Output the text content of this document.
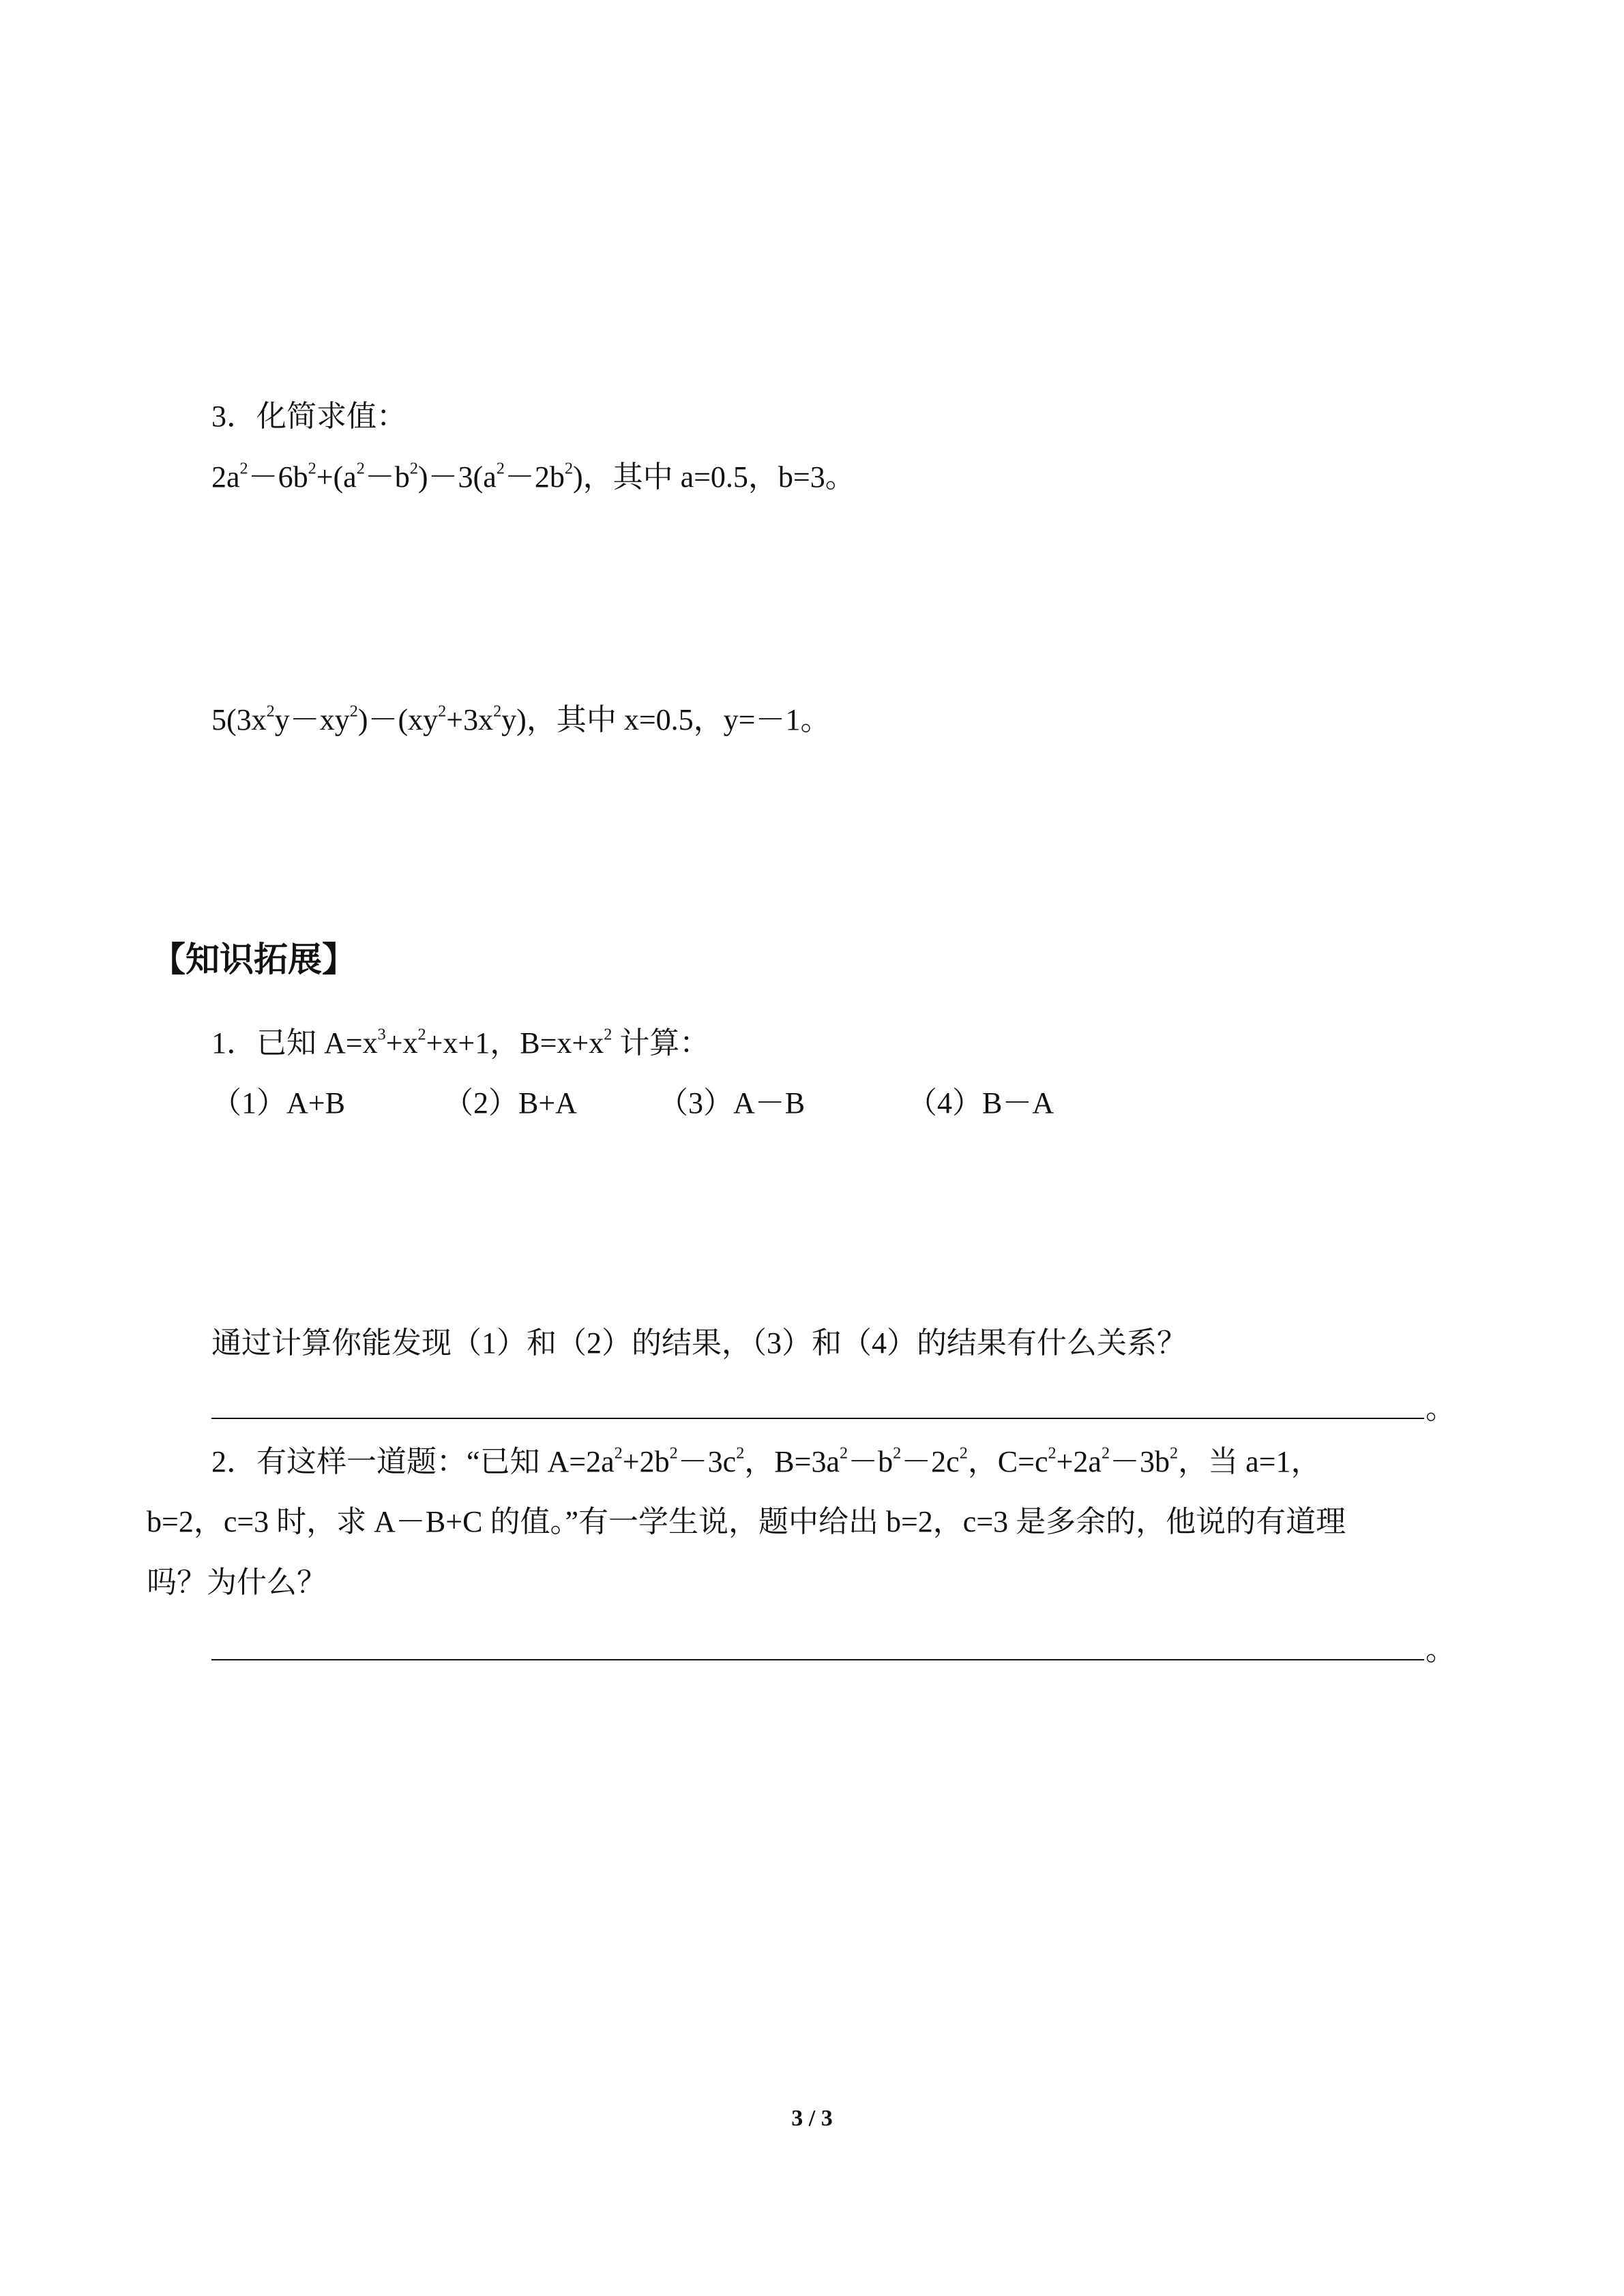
3．化简求值：
$2a^2-6b^2+(a^2-b^2)-3(a^2-2b^2)$，其中 a=0.5，b=3。
$5(3x^2y-xy^2)-(xy^2+3x^2y)$，其中 x=0.5，y=－1。
【知识拓展】
1．已知 $A=x^3+x^2+x+1$，$B=x+x^2$ 计算：
（1）A+B	（2）B+A	（3）A－B	（4）B－A
通过计算你能发现（1）和（2）的结果，（3）和（4）的结果有什么关系？
。
2．有这样一道题：“已知 $A=2a^2+2b^2-3c^2$，$B=3a^2-b^2-2c^2$，$C=c^2+2a^2-3b^2$，当 a=1，
b=2，c=3 时，求 A－B+C 的值。”有一学生说，题中给出 b=2，c=3 是多余的，他说的有道理
吗？为什么？
。
3 / 3
